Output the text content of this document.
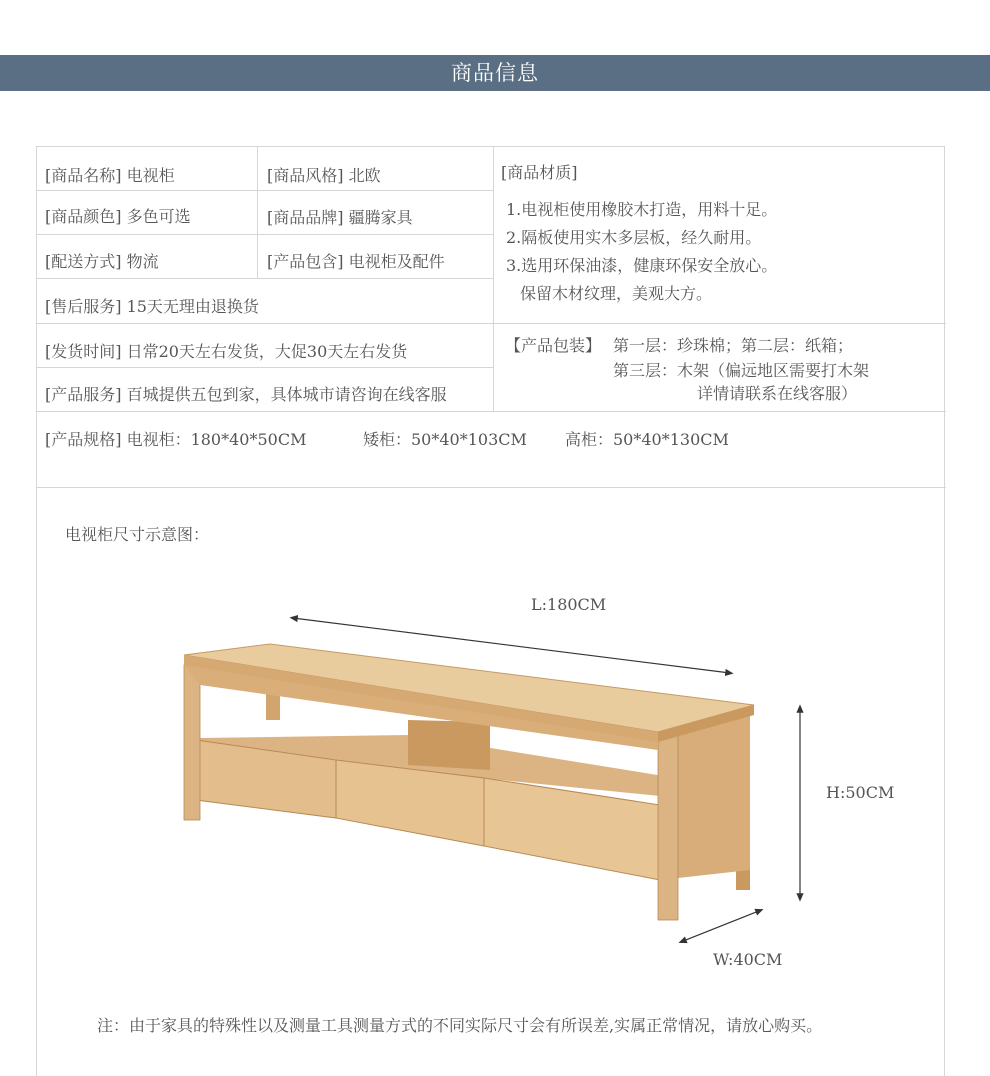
商品信息
[商品名称] 电视柜	[商品风格] 北欧
[商品颜色] 多色可选	[商品品牌] 疆腾家具
[配送方式] 物流	[产品包含] 电视柜及配件
[售后服务] 15天无理由退换货
[发货时间] 日常20天左右发货，大促30天左右发货
[产品服务] 百城提供五包到家，具体城市请咨询在线客服
[商品材质]
1.电视柜使用橡胶木打造，用料十足。
2.隔板使用实木多层板，经久耐用。
3.选用环保油漆，健康环保安全放心。
保留木材纹理，美观大方。
【产品包装】 第一层：珍珠棉；第二层：纸箱；
第三层：木架（偏远地区需要打木架
详情请联系在线客服）
[产品规格] 电视柜：180*40*50CM	矮柜：50*40*103CM 高柜：50*40*130CM
电视柜尺寸示意图：
L:180CM
H:50CM
W:40CM
注：由于家具的特殊性以及测量工具测量方式的不同实际尺寸会有所误差,实属正常情况，请放心购买。
